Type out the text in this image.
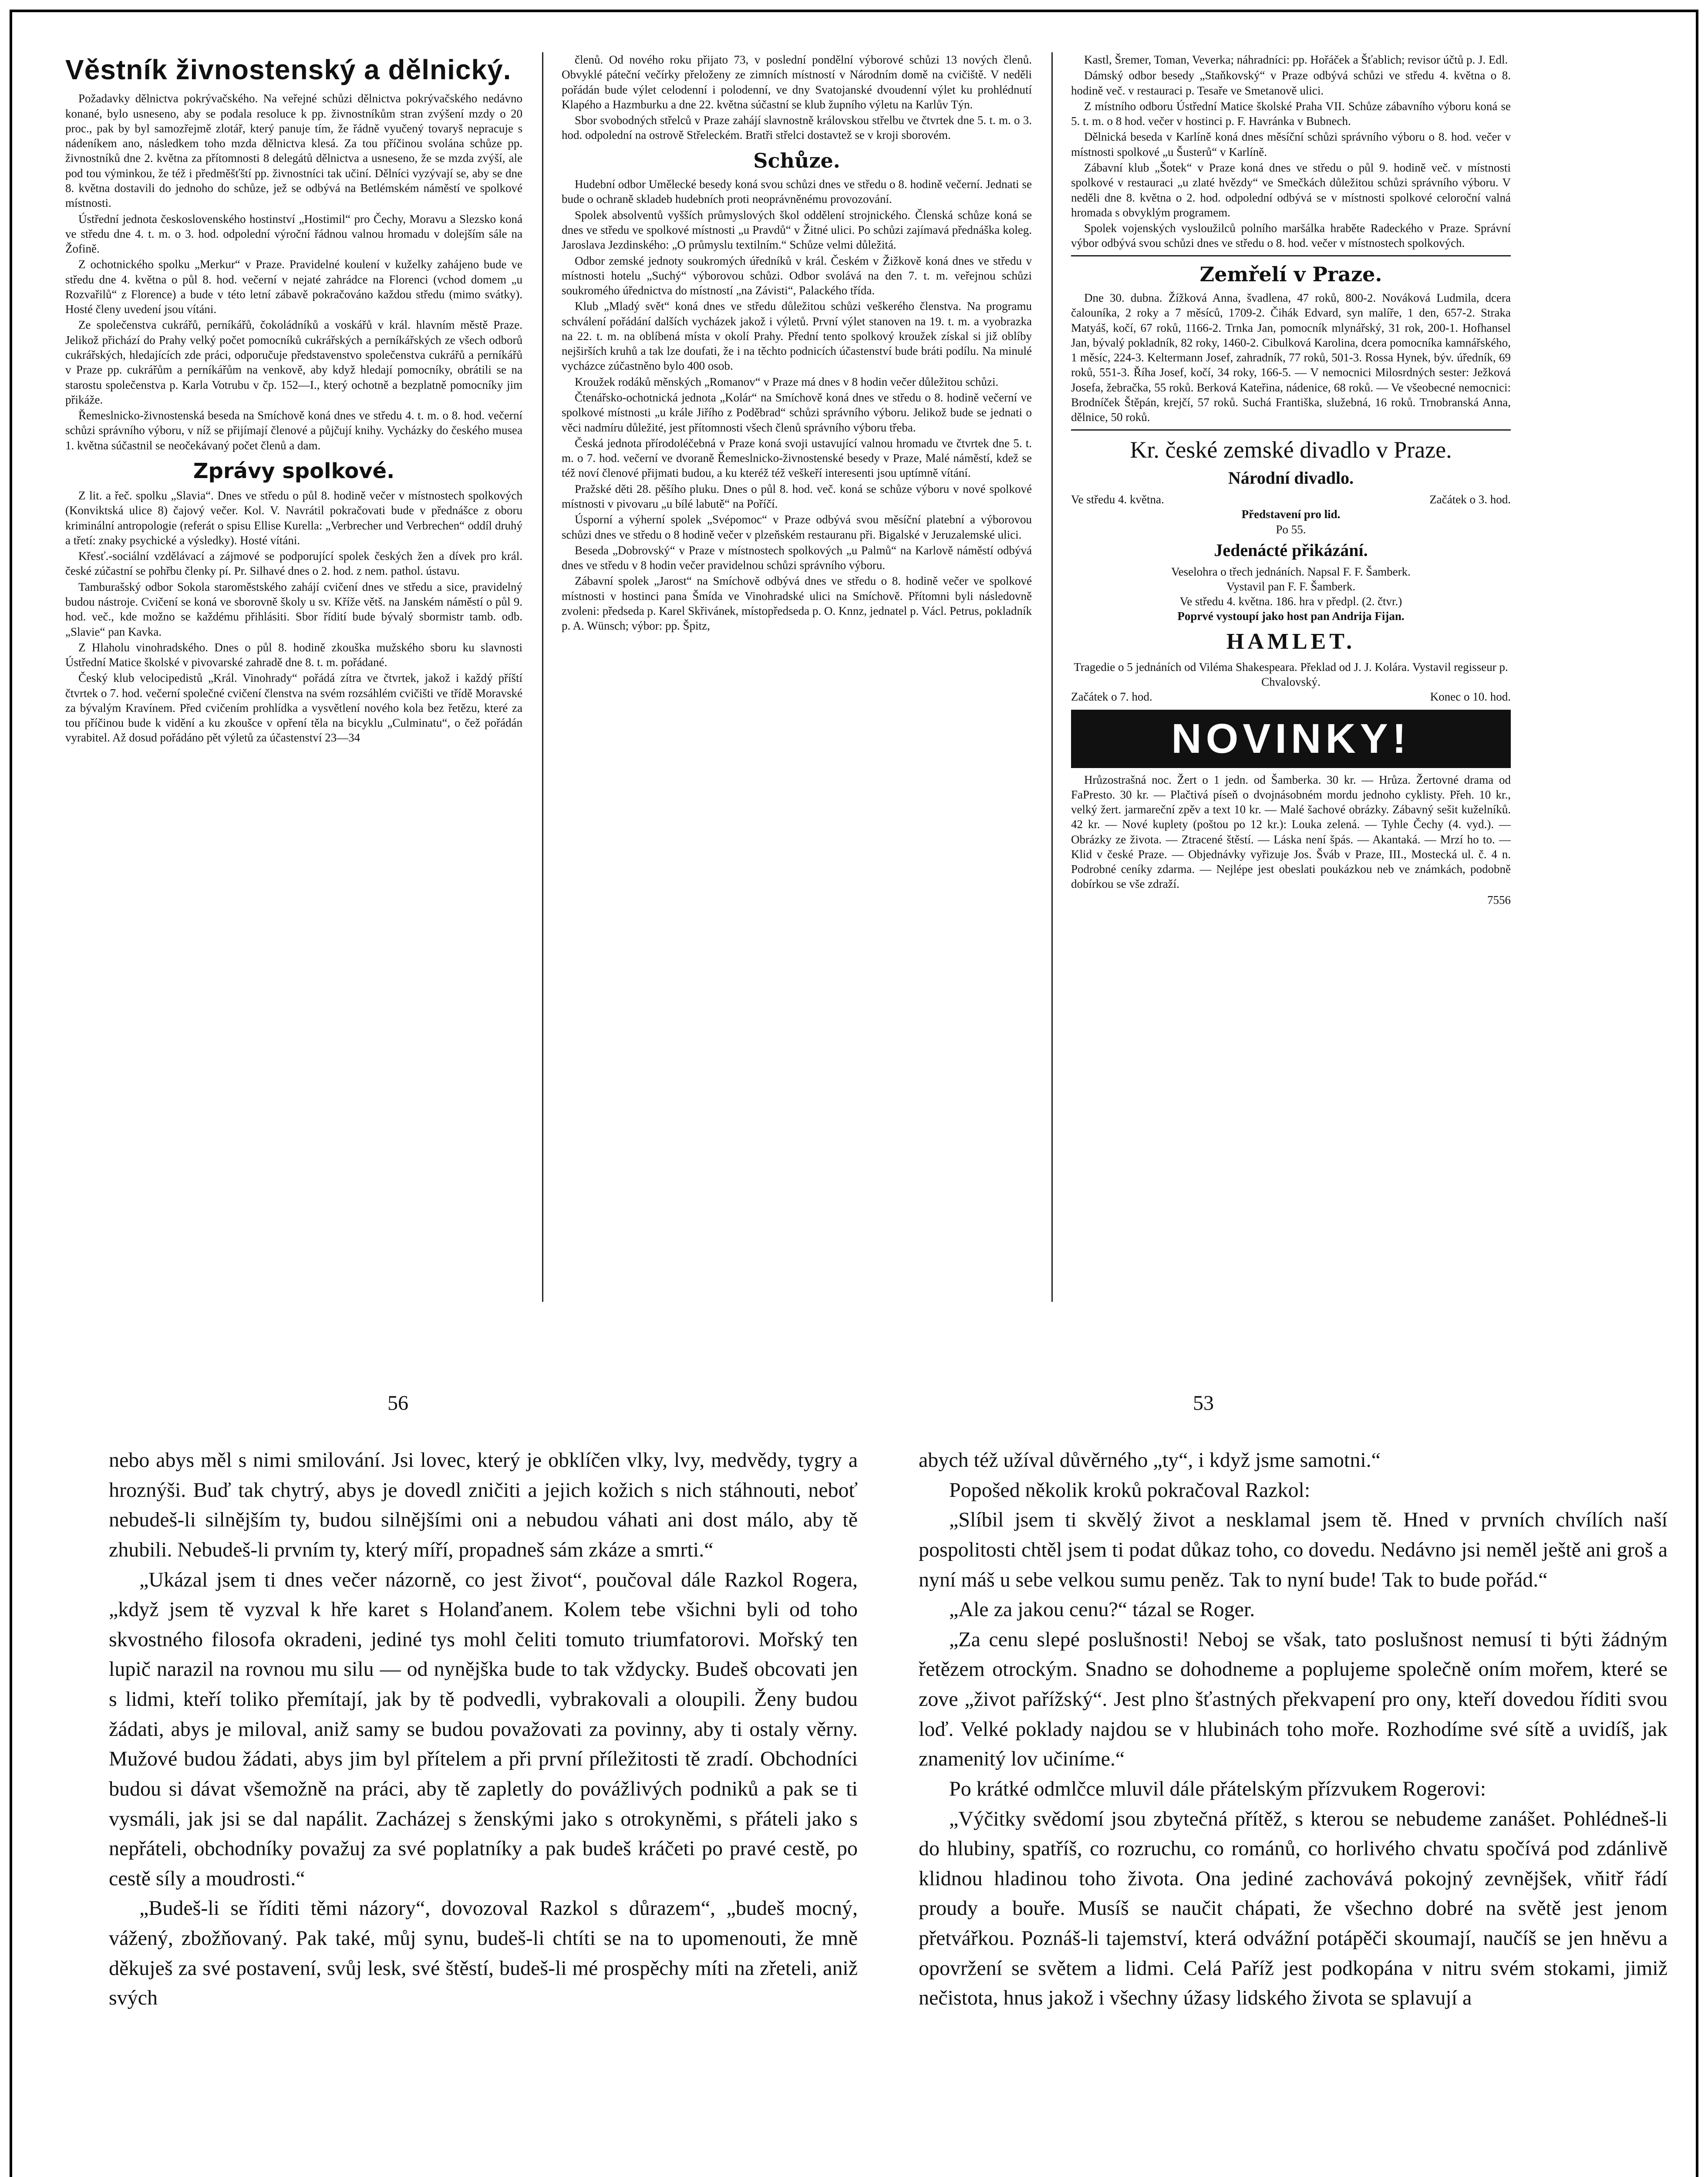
Věstník živnostenský a dělnický.

Požadavky dělnictva pokrývačského. Na veřejné schůzi dělnictva pokrývačského nedávno konané, bylo usneseno, aby se podala resoluce k pp. živnostníkům stran zvýšení mzdy o 20 proc., pak by byl samozřejmě zlotář, který panuje tím, že řádně vyučený tovaryš nepracuje s nádeníkem ano, následkem toho mzda dělnictva klesá. Za tou příčinou svolána schůze pp. živnostníků dne 2. května za přítomnosti 8 delegátů dělnictva a usneseno, že se mzda zvýší, ale pod tou výminkou, že též i předměšťští pp. živnostníci tak učiní. Dělníci vyzývají se, aby se dne 8. května dostavili do jednoho do schůze, jež se odbývá na Betlémském náměstí ve spolkové místnosti.

Ústřední jednota československého hostinství „Hostimil“ pro Čechy, Moravu a Slezsko koná ve středu dne 4. t. m. o 3. hod. odpolední výroční řádnou valnou hromadu v dolejším sále na Žofině.

Z ochotnického spolku „Merkur“ v Praze. Pravidelné koulení v kuželky zahájeno bude ve středu dne 4. května o půl 8. hod. večerní v nejaté zahrádce na Florenci (vchod domem „u Rozvařilů“ z Florence) a bude v této letní zábavě pokračováno každou středu (mimo svátky). Hosté členy uvedení jsou vítáni.

Ze společenstva cukrářů, perníkářů, čokoládníků a voskářů v král. hlavním městě Praze. Jelikož přichází do Prahy velký počet pomocníků cukrářských a perníkářských ze všech odborů cukrářských, hledajících zde práci, odporučuje představenstvo společenstva cukrářů a perníkářů v Praze pp. cukrářům a perníkářům na venkově, aby když hledají pomocníky, obrátili se na starostu společenstva p. Karla Votrubu v čp. 152—I., který ochotně a bezplatně pomocníky jim přikáže.

Řemeslnicko-živnostenská beseda na Smíchově koná dnes ve středu 4. t. m. o 8. hod. večerní schůzi správního výboru, v níž se přijímají členové a půjčují knihy. Vycházky do českého musea 1. května súčastnil se neočekávaný počet členů a dam.

Zprávy spolkové.

Z lit. a řeč. spolku „Slavia“. Dnes ve středu o půl 8. hodině večer v místnostech spolkových (Konviktská ulice 8) čajový večer. Kol. V. Navrátil pokračovati bude v přednášce z oboru kriminální antropologie (referát o spisu Ellise Kurella: „Verbrecher und Verbrechen“ oddíl druhý a třetí: znaky psychické a výsledky). Hosté vítáni.

Křesť.-sociální vzdělávací a zájmové se podporující spolek českých žen a dívek pro král. české zúčastní se pohřbu členky pí. Pr. Silhavé dnes o 2. hod. z nem. pathol. ústavu.

Tamburašský odbor Sokola staroměstského zahájí cvičení dnes ve středu a sice, pravidelný budou nástroje. Cvičení se koná ve sborovně školy u sv. Kříže větš. na Janském náměstí o půl 9. hod. več., kde možno se každému přihlásiti. Sbor řídití bude bývalý sbormistr tamb. odb. „Slavie“ pan Kavka.

Z Hlaholu vinohradského. Dnes o půl 8. hodině zkouška mužského sboru ku slavnosti Ústřední Matice školské v pivovarské zahradě dne 8. t. m. pořádané.

Český klub velocipedistů „Král. Vinohrady“ pořádá zítra ve čtvrtek, jakož i každý příští čtvrtek o 7. hod. večerní společné cvičení členstva na svém rozsáhlém cvičišti ve třídě Moravské za bývalým Kravínem. Před cvičením prohlídka a vysvětlení nového kola bez řetězu, které za tou příčinou bude k vidění a ku zkoušce v opření těla na bicyklu „Culminatu“, o čež pořádán vyrabitel. Až dosud pořádáno pět výletů za účastenství 23—34

členů. Od nového roku přijato 73, v poslední pondělní výborové schůzi 13 nových členů. Obvyklé páteční večírky přeloženy ze zimních místností v Národním domě na cvičiště. V neděli pořádán bude výlet celodenní i polodenní, ve dny Svatojanské dvoudenní výlet ku prohlédnutí Klapého a Hazmburku a dne 22. května súčastní se klub župního výletu na Karlův Týn.

Sbor svobodných střelců v Praze zahájí slavnostně královskou střelbu ve čtvrtek dne 5. t. m. o 3. hod. odpolední na ostrově Střeleckém. Bratři střelci dostavtež se v kroji sborovém.

Schůze.

Hudební odbor Umělecké besedy koná svou schůzi dnes ve středu o 8. hodině večerní. Jednati se bude o ochraně skladeb hudebních proti neoprávněnému provozování.

Spolek absolventů vyšších průmyslových škol oddělení strojnického. Členská schůze koná se dnes ve středu ve spolkové místnosti „u Pravdů“ v Žitné ulici. Po schůzi zajímavá přednáška koleg. Jaroslava Jezdinského: „O průmyslu textilním.“ Schůze velmi důležitá.

Odbor zemské jednoty soukromých úředníků v král. Českém v Žižkově koná dnes ve středu v místnosti hotelu „Suchý“ výborovou schůzi. Odbor svolává na den 7. t. m. veřejnou schůzi soukromého úřednictva do místností „na Závisti“, Palackého třída.

Klub „Mladý svět“ koná dnes ve středu důležitou schůzi veškerého členstva. Na programu schválení pořádání dalších vycházek jakož i výletů. První výlet stanoven na 19. t. m. a vyobrazka na 22. t. m. na oblíbená místa v okolí Prahy. Přední tento spolkový kroužek získal si již oblíby nejširších kruhů a tak lze doufati, že i na těchto podnicích účastenství bude bráti podílu. Na minulé vycházce zúčastněno bylo 400 osob.

Kroužek rodáků měnských „Romanov“ v Praze má dnes v 8 hodin večer důležitou schůzi.

Čtenářsko-ochotnická jednota „Kolár“ na Smíchově koná dnes ve středu o 8. hodině večerní ve spolkové místnosti „u krále Jiřího z Poděbrad“ schůzi správního výboru. Jelikož bude se jednati o věci nadmíru důležité, jest přítomnosti všech členů správního výboru třeba.

Česká jednota přírodoléčebná v Praze koná svoji ustavující valnou hromadu ve čtvrtek dne 5. t. m. o 7. hod. večerní ve dvoraně Řemeslnicko-živnostenské besedy v Praze, Malé náměstí, kdež se též noví členové přijmati budou, a ku kteréž též veškeří interesenti jsou uptímně vítání.

Pražské děti 28. pěšího pluku. Dnes o půl 8. hod. več. koná se schůze výboru v nové spolkové místnosti v pivovaru „u bílé labutě“ na Poříčí.

Úsporní a výherní spolek „Svépomoc“ v Praze odbývá svou měsíční platební a výborovou schůzi dnes ve středu o 8 hodině večer v plzeňském restauranu při. Bigalské v Jeruzalemské ulici.

Beseda „Dobrovský“ v Praze v místnostech spolkových „u Palmů“ na Karlově náměstí odbývá dnes ve středu v 8 hodin večer pravidelnou schůzi správního výboru.

Zábavní spolek „Jarost“ na Smíchově odbývá dnes ve středu o 8. hodině večer ve spolkové místnosti v hostinci pana Šmída ve Vinohradské ulici na Smíchově. Přítomni byli následovně zvoleni: předseda p. Karel Skřivánek, místopředseda p. O. Knnz, jednatel p. Václ. Petrus, pokladník p. A. Wünsch; výbor: pp. Špitz,

Kastl, Šremer, Toman, Veverka; náhradníci: pp. Hořáček a Šťablich; revisor účtů p. J. Edl.

Dámský odbor besedy „Staňkovský“ v Praze odbývá schůzi ve středu 4. května o 8. hodině več. v restauraci p. Tesaře ve Smetanově ulici.

Z místního odboru Ústřední Matice školské Praha VII. Schůze zábavního výboru koná se 5. t. m. o 8 hod. večer v hostinci p. F. Havránka v Bubnech.

Dělnická beseda v Karlíně koná dnes měsíční schůzi správního výboru o 8. hod. večer v místnosti spolkové „u Šusterů“ v Karlíně.

Zábavní klub „Šotek“ v Praze koná dnes ve středu o půl 9. hodině več. v místnosti spolkové v restauraci „u zlaté hvězdy“ ve Smečkách důležitou schůzi správního výboru. V neděli dne 8. května o 2. hod. odpolední odbývá se v místnosti spolkové celoroční valná hromada s obvyklým programem.

Spolek vojenských vysloužilců polního maršálka hraběte Radeckého v Praze. Správní výbor odbývá svou schůzi dnes ve středu o 8. hod. večer v místnostech spolkových.

Zemřelí v Praze.

Dne 30. dubna. Žížková Anna, švadlena, 47 roků, 800-2. Nováková Ludmila, dcera čalouníka, 2 roky a 7 měsíců, 1709-2. Čihák Edvard, syn malíře, 1 den, 657-2. Straka Matyáš, kočí, 67 roků, 1166-2. Trnka Jan, pomocník mlynářský, 31 rok, 200-1. Hofhansel Jan, bývalý pokladník, 82 roky, 1460-2. Cibulková Karolina, dcera pomocníka kamnářského, 1 měsíc, 224-3. Keltermann Josef, zahradník, 77 roků, 501-3. Rossa Hynek, býv. úředník, 69 roků, 551-3. Říha Josef, kočí, 34 roky, 166-5. — V nemocnici Milosrdných sester: Ježková Josefa, žebračka, 55 roků. Berková Kateřina, nádenice, 68 roků. — Ve všeobecné nemocnici: Brodníček Štěpán, krejčí, 57 roků. Suchá Františka, služebná, 16 roků. Trnobranská Anna, dělnice, 50 roků.

Kr. české zemské divadlo v Praze.
Národní divadlo.
Ve středu 4. května.	Začátek o 3. hod.
Představení pro lid.
Po 55.
Jedenácté přikázání.
Veselohra o třech jednáních. Napsal F. F. Šamberk.
Vystavil pan F. F. Šamberk.
Ve středu 4. května. 186. hra v předpl. (2. čtvr.)
Poprvé vystoupí jako host pan Andrija Fijan.
HAMLET.
Tragedie o 5 jednáních od Viléma Shakespeara. Překlad od J. J. Kolára. Vystavil regisseur p. Chvalovský.
Začátek o 7. hod.	Konec o 10. hod.
NOVINKY!

Hrůzostrašná noc. Žert o 1 jedn. od Šamberka. 30 kr. — Hrůza. Žertovné drama od FaPresto. 30 kr. — Plačtivá píseň o dvojnásobném mordu jednoho cyklisty. Přeh. 10 kr., velký žert. jarmareční zpěv a text 10 kr. — Malé šachové obrázky. Zábavný sešit kuželníků. 42 kr. — Nové kuplety (poštou po 12 kr.): Louka zelená. — Tyhle Čechy (4. vyd.). — Obrázky ze života. — Ztracené štěstí. — Láska není špás. — Akantaká. — Mrzí ho to. — Klid v české Praze. — Objednávky vyřizuje Jos. Šváb v Praze, III., Mostecká ul. č. 4 n. Podrobné ceníky zdarma. — Nejlépe jest obeslati poukázkou neb ve známkách, podobně dobírkou se vše zdraží.

7556
56	53

nebo abys měl s nimi smilování. Jsi lovec, který je obklíčen vlky, lvy, medvědy, tygry a hroznýši. Buď tak chytrý, abys je dovedl zničiti a jejich kožich s nich stáhnouti, neboť nebudeš-li silnějším ty, budou silnějšími oni a nebudou váhati ani dost málo, aby tě zhubili. Nebudeš-li prvním ty, který míří, propadneš sám zkáze a smrti.“

„Ukázal jsem ti dnes večer názorně, co jest život“, poučoval dále Razkol Rogera, „když jsem tě vyzval k hře karet s Holanďanem. Kolem tebe všichni byli od toho skvostného filosofa okradeni, jediné tys mohl čeliti tomuto triumfatorovi. Mořský ten lupič narazil na rovnou mu silu — od nynějška bude to tak vždycky. Budeš obcovati jen s lidmi, kteří toliko přemítají, jak by tě podvedli, vybrakovali a oloupili. Ženy budou žádati, abys je miloval, aniž samy se budou považovati za povinny, aby ti ostaly věrny. Mužové budou žádati, abys jim byl přítelem a při první příležitosti tě zradí. Obchodníci budou si dávat všemožně na práci, aby tě zapletly do povážlivých podniků a pak se ti vysmáli, jak jsi se dal napálit. Zacházej s ženskými jako s otrokyněmi, s přáteli jako s nepřáteli, obchodníky považuj za své poplatníky a pak budeš kráčeti po pravé cestě, po cestě síly a moudrosti.“

„Budeš-li se říditi těmi názory“, dovozoval Razkol s důrazem“, „budeš mocný, vážený, zbožňovaný. Pak také, můj synu, budeš-li chtíti se na to upomenouti, že mně děkuješ za své postavení, svůj lesk, své štěstí, budeš-li mé prospěchy míti na zřeteli, aniž svých

abych též užíval důvěrného „ty“, i když jsme samotni.“

Popošed několik kroků pokračoval Razkol:

„Slíbil jsem ti skvělý život a nesklamal jsem tě. Hned v prvních chvílích naší pospolitosti chtěl jsem ti podat důkaz toho, co dovedu. Nedávno jsi neměl ještě ani groš a nyní máš u sebe velkou sumu peněz. Tak to nyní bude! Tak to bude pořád.“

„Ale za jakou cenu?“ tázal se Roger.

„Za cenu slepé poslušnosti! Neboj se však, tato poslušnost nemusí ti býti žádným řetězem otrockým. Snadno se dohodneme a poplujeme společně oním mořem, které se zove „život pařížský“. Jest plno šťastných překvapení pro ony, kteří dovedou říditi svou loď. Velké poklady najdou se v hlubinách toho moře. Rozhodíme své sítě a uvidíš, jak znamenitý lov učiníme.“

Po krátké odmlčce mluvil dále přátelským přízvukem Rogerovi:

„Výčitky svědomí jsou zbytečná přítěž, s kterou se nebudeme zanášet. Pohlédneš-li do hlubiny, spatříš, co rozruchu, co románů, co horlivého chvatu spočívá pod zdánlivě klidnou hladinou toho života. Ona jediné zachovává pokojný zevnějšek, vňitř řádí proudy a bouře. Musíš se naučit chápati, že všechno dobré na světě jest jenom přetvářkou. Poznáš-li tajemství, která odvážní potápěči skoumají, naučíš se jen hněvu a opovržení se světem a lidmi. Celá Paříž jest podkopána v nitru svém stokami, jimiž nečistota, hnus jakož i všechny úžasy lidského života se splavují a
